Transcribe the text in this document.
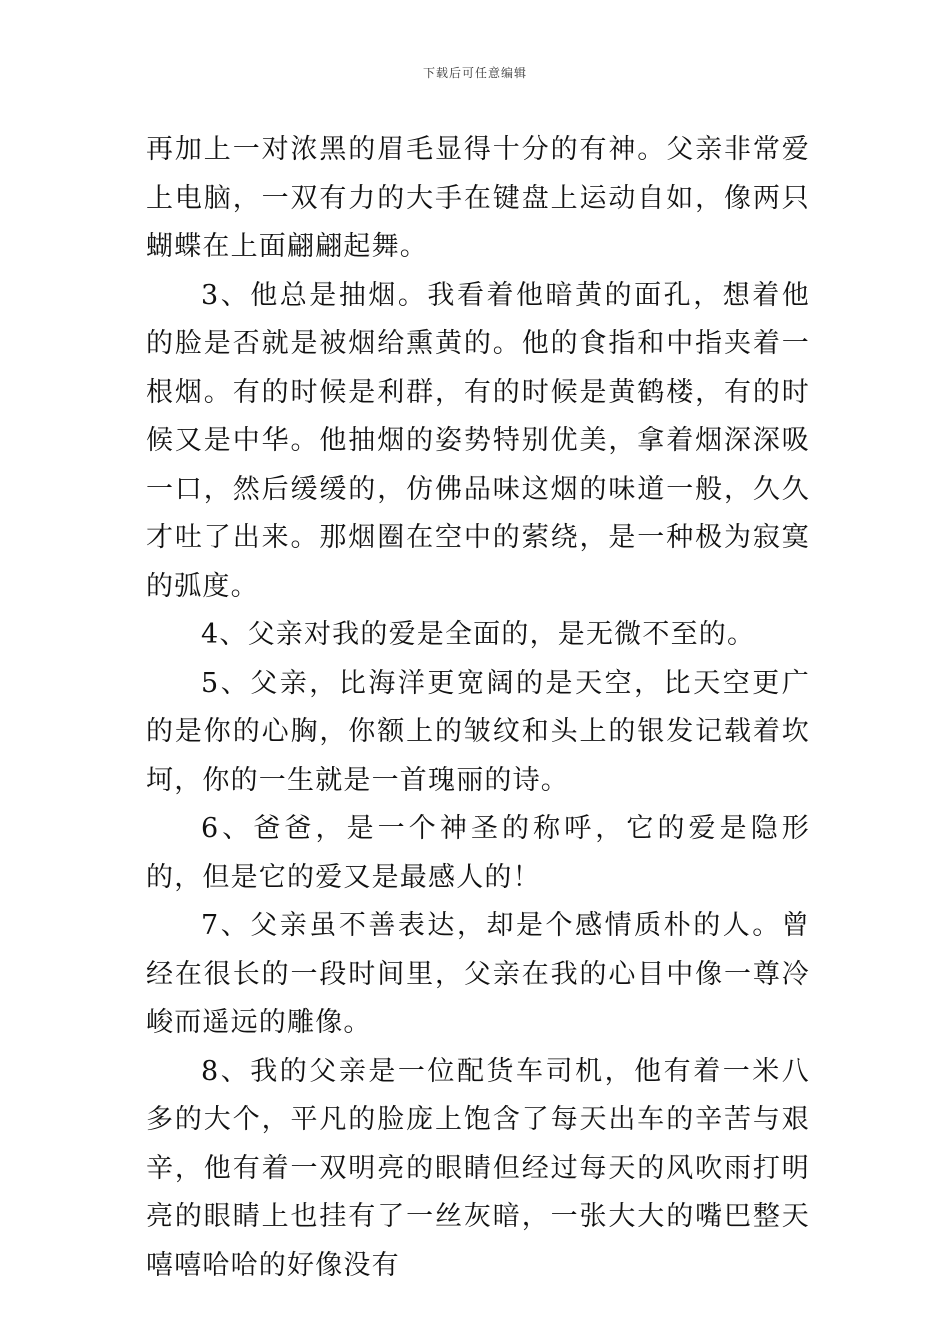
下载后可任意编辑

再加上一对浓黑的眉毛显得十分的有神。父亲非常爱上电脑，一双有力的大手在键盘上运动自如，像两只蝴蝶在上面翩翩起舞。

3、他总是抽烟。我看着他暗黄的面孔，想着他的脸是否就是被烟给熏黄的。他的食指和中指夹着一根烟。有的时候是利群，有的时候是黄鹤楼，有的时候又是中华。他抽烟的姿势特别优美，拿着烟深深吸一口，然后缓缓的，仿佛品味这烟的味道一般，久久才吐了出来。那烟圈在空中的萦绕，是一种极为寂寞的弧度。

4、父亲对我的爱是全面的，是无微不至的。

5、父亲，比海洋更宽阔的是天空，比天空更广的是你的心胸，你额上的皱纹和头上的银发记载着坎坷，你的一生就是一首瑰丽的诗。

6、爸爸，是一个神圣的称呼，它的爱是隐形的，但是它的爱又是最感人的！

7、父亲虽不善表达，却是个感情质朴的人。曾经在很长的一段时间里，父亲在我的心目中像一尊冷峻而遥远的雕像。

8、我的父亲是一位配货车司机，他有着一米八多的大个，平凡的脸庞上饱含了每天出车的辛苦与艰辛，他有着一双明亮的眼睛但经过每天的风吹雨打明亮的眼睛上也挂有了一丝灰暗，一张大大的嘴巴整天嘻嘻哈哈的好像没有
